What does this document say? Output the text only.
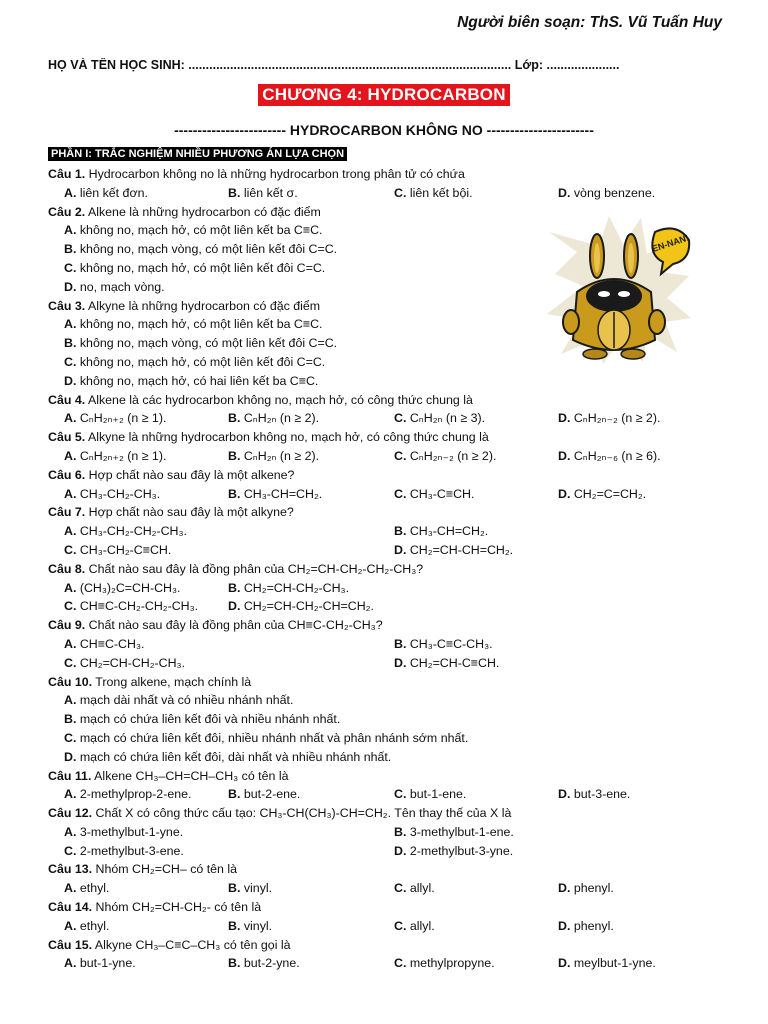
Người biên soạn: ThS. Vũ Tuấn Huy
HỌ VÀ TÊN HỌC SINH: ............................................................................................. Lớp: .....................
CHƯƠNG 4: HYDROCARBON
------------------------ HYDROCARBON KHÔNG NO -----------------------
PHẦN I: TRẮC NGHIỆM NHIỀU PHƯƠNG ÁN LỰA CHỌN
Câu 1. Hydrocarbon không no là những hydrocarbon trong phân tử có chứa
A. liên kết đơn.	B. liên kết σ.	C. liên kết bội.	D. vòng benzene.
Câu 2. Alkene là những hydrocarbon có đặc điểm
A. không no, mạch hở, có một liên kết ba C≡C.
B. không no, mạch vòng, có một liên kết đôi C=C.
C. không no, mạch hở, có một liên kết đôi C=C.
D. no, mạch vòng.
Câu 3. Alkyne là những hydrocarbon có đặc điểm
A. không no, mạch hở, có một liên kết ba C≡C.
B. không no, mạch vòng, có một liên kết đôi C=C.
C. không no, mạch hở, có một liên kết đôi C=C.
D. không no, mạch hở, có hai liên kết ba C≡C.
Câu 4. Alkene là các hydrocarbon không no, mạch hở, có công thức chung là
A. CₙH₂ₙ₊₂ (n ≥ 1).	B. CₙH₂ₙ (n ≥ 2).	C. CₙH₂ₙ (n ≥ 3).	D. CₙH₂ₙ₋₂ (n ≥ 2).
Câu 5. Alkyne là những hydrocarbon không no, mạch hở, có công thức chung là
A. CₙH₂ₙ₊₂ (n ≥ 1).	B. CₙH₂ₙ (n ≥ 2).	C. CₙH₂ₙ₋₂ (n ≥ 2).	D. CₙH₂ₙ₋₆ (n ≥ 6).
Câu 6. Hợp chất nào sau đây là một alkene?
A. CH₃-CH₂-CH₃.	B. CH₃-CH=CH₂.	C. CH₃-C≡CH.	D. CH₂=C=CH₂.
Câu 7. Hợp chất nào sau đây là một alkyne?
A. CH₃-CH₂-CH₂-CH₃.	B. CH₃-CH=CH₂.
C. CH₃-CH₂-C≡CH.	D. CH₂=CH-CH=CH₂.
Câu 8. Chất nào sau đây là đồng phân của CH₂=CH-CH₂-CH₂-CH₃?
A. (CH₃)₂C=CH-CH₃.	B. CH₂=CH-CH₂-CH₃.
C. CH≡C-CH₂-CH₂-CH₃. D. CH₂=CH-CH₂-CH=CH₂.
Câu 9. Chất nào sau đây là đồng phân của CH≡C-CH₂-CH₃?
A. CH≡C-CH₃.	B. CH₃-C≡C-CH₃.
C. CH₂=CH-CH₂-CH₃.	D. CH₂=CH-C≡CH.
Câu 10. Trong alkene, mạch chính là
A. mạch dài nhất và có nhiều nhánh nhất.
B. mạch có chứa liên kết đôi và nhiều nhánh nhất.
C. mạch có chứa liên kết đôi, nhiều nhánh nhất và phân nhánh sớm nhất.
D. mạch có chứa liên kết đôi, dài nhất và nhiều nhánh nhất.
Câu 11. Alkene CH₃–CH=CH–CH₃ có tên là
A. 2-methylprop-2-ene.	B. but-2-ene.	C. but-1-ene.	D. but-3-ene.
Câu 12. Chất X có công thức cấu tạo: CH₃-CH(CH₃)-CH=CH₂. Tên thay thế của X là
A. 3-methylbut-1-yne.	B. 3-methylbut-1-ene.
C. 2-methylbut-3-ene.	D. 2-methylbut-3-yne.
Câu 13. Nhóm CH₂=CH– có tên là
A. ethyl.	B. vinyl.	C. allyl.	D. phenyl.
Câu 14. Nhóm CH₂=CH-CH₂- có tên là
A. ethyl.	B. vinyl.	C. allyl.	D. phenyl.
Câu 15. Alkyne CH₃–C≡C–CH₃ có tên gọi là
A. but-1-yne.	B. but-2-yne.	C. methylpropyne.	D. meylbut-1-yne.
EN-NAN!
